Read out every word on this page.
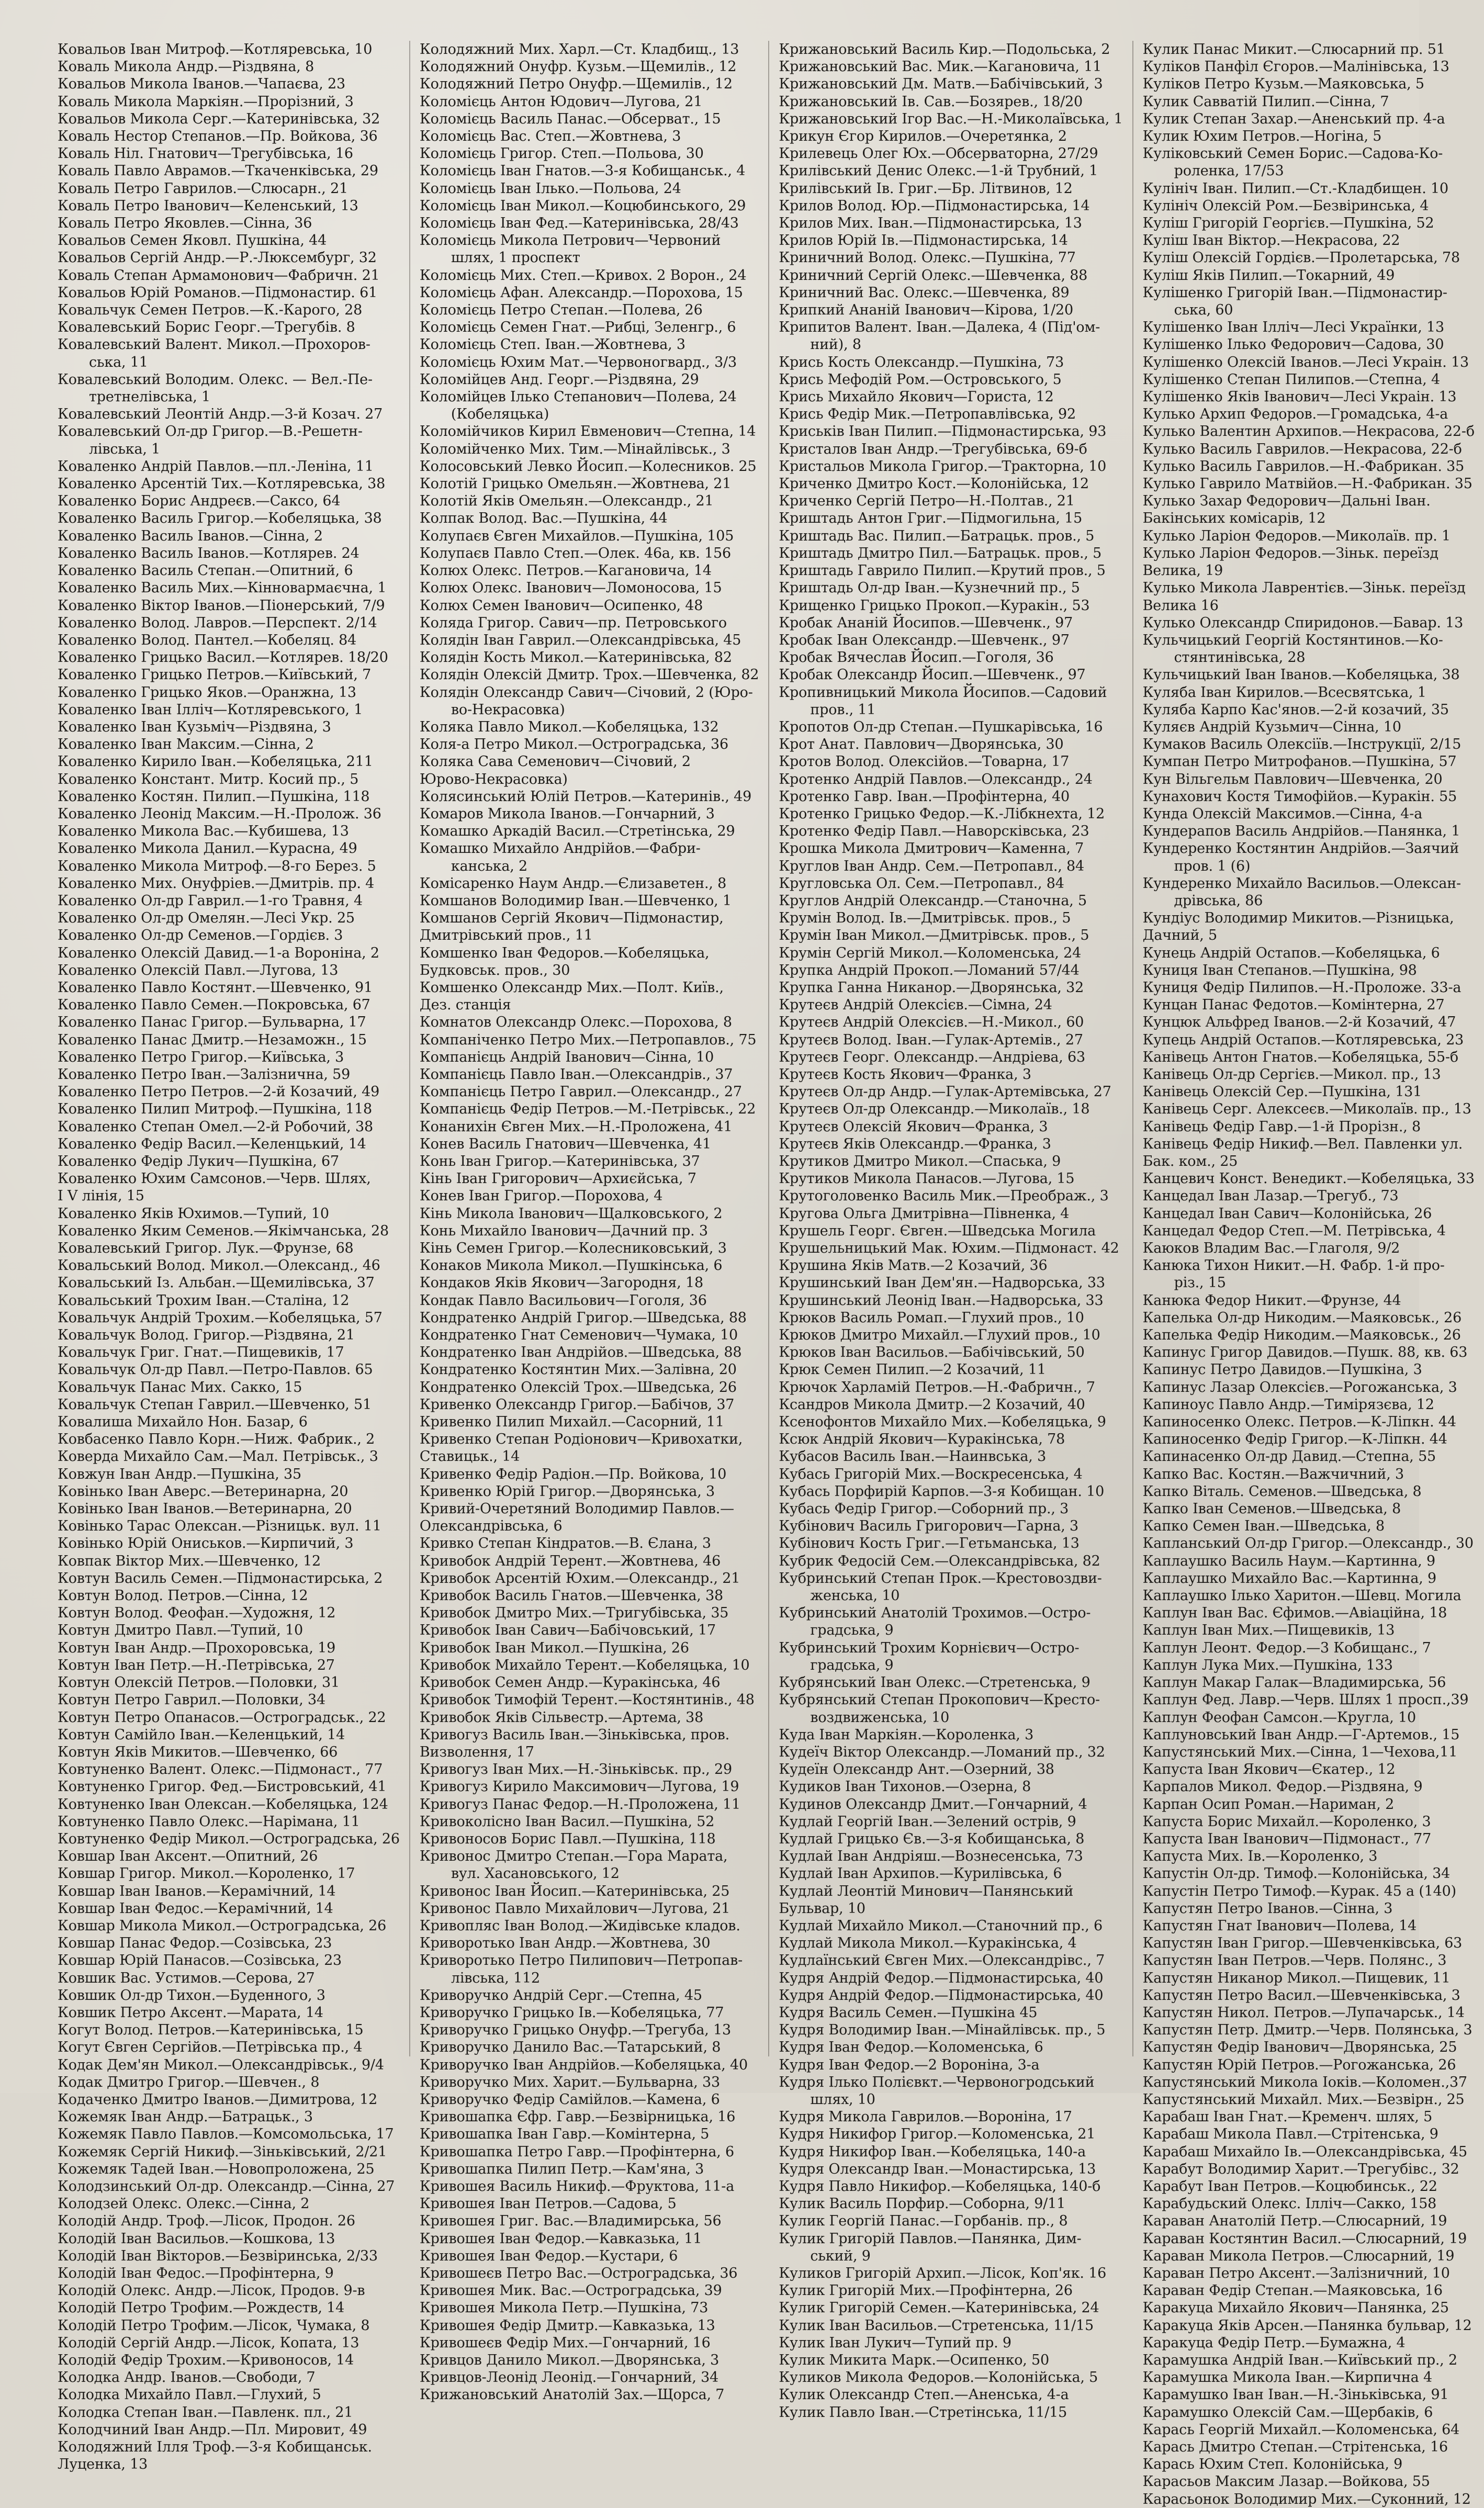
Ковальов Іван Митроф.—Котляревська, 10
Коваль Микола Андр.—Різдвяна, 8
Ковальов Микола Іванов.—Чапаєва, 23
Коваль Микола Маркіян.—Прорізний, 3
Ковальов Микола Серг.—Катеринівська, 32
Коваль Нестор Степанов.—Пр. Войкова, 36
Коваль Ніл. Гнатович—Трегубівська, 16
Коваль Павло Аврамов.—Ткаченківська, 29
Коваль Петро Гаврилов.—Слюсарн., 21
Коваль Петро Іванович—Келенський, 13
Коваль Петро Яковлев.—Сінна, 36
Ковальов Семен Яковл. Пушкіна, 44
Ковальов Сергій Андр.—Р.-Люксембург, 32
Коваль Степан Армамонович—Фабричн. 21
Ковальов Юрій Романов.—Підмонастир. 61
Ковальчук Семен Петров.—К.-Карого, 28
Ковалевський Борис Георг.—Трегубів. 8
Ковалевський Валент. Микол.—Прохоров-
ська, 11
Ковалевський Володим. Олекс. — Вел.-Пе-
третнелівська, 1
Ковалевський Леонтій Андр.—3-й Козач. 27
Ковалевський Ол-др Григор.—В.-Решетн-
лівська, 1
Коваленко Андрій Павлов.—пл.-Леніна, 11
Коваленко Арсентій Тих.—Котляревська, 38
Коваленко Борис Андреєв.—Саксо, 64
Коваленко Василь Григор.—Кобеляцька, 38
Коваленко Василь Іванов.—Сінна, 2
Коваленко Василь Іванов.—Котлярев. 24
Коваленко Василь Степан.—Опитний, 6
Коваленко Василь Мих.—Кінновармаєчна, 1
Коваленко Віктор Іванов.—Піонерський, 7/9
Коваленко Волод. Лавров.—Перспект. 2/14
Коваленко Волод. Пантел.—Кобеляц. 84
Коваленко Грицько Васил.—Котлярев. 18/20
Коваленко Грицько Петров.—Київський, 7
Коваленко Грицько Яков.—Оранжна, 13
Коваленко Іван Ілліч—Котляревського, 1
Коваленко Іван Кузьміч—Різдвяна, 3
Коваленко Іван Максим.—Сінна, 2
Коваленко Кирило Іван.—Кобеляцька, 211
Коваленко Констант. Митр. Косий пр., 5
Коваленко Костян. Пилип.—Пушкіна, 118
Коваленко Леонід Максим.—Н.-Пролож. 36
Коваленко Микола Вас.—Кубишева, 13
Коваленко Микола Данил.—Курасна, 49
Коваленко Микола Митроф.—8-го Берез. 5
Коваленко Мих. Онуфріев.—Дмитрів. пр. 4
Коваленко Ол-др Гаврил.—1-го Травня, 4
Коваленко Ол-др Омелян.—Лесі Укр. 25
Коваленко Ол-др Семенов.—Гордієв. 3
Коваленко Олексій Давид.—1-а Вороніна, 2
Коваленко Олексій Павл.—Лугова, 13
Коваленко Павло Костянт.—Шевченко, 91
Коваленко Павло Семен.—Покровська, 67
Коваленко Панас Григор.—Бульварна, 17
Коваленко Панас Дмитр.—Незаможн., 15
Коваленко Петро Григор.—Київська, 3
Коваленко Петро Іван.—Залізнична, 59
Коваленко Петро Петров.—2-й Козачий, 49
Коваленко Пилип Митроф.—Пушкіна, 118
Коваленко Степан Омел.—2-й Робочий, 38
Коваленко Федір Васил.—Келенцький, 14
Коваленко Федір Лукич—Пушкіна, 67
Коваленко Юхим Самсонов.—Черв. Шлях,
І V лінія, 15
Коваленко Яків Юхимов.—Тупий, 10
Коваленко Яким Семенов.—Якімчанська, 28
Ковалевський Григор. Лук.—Фрунзе, 68
Ковальський Волод. Микол.—Олександ., 46
Ковальський Із. Альбан.—Щемилівська, 37
Ковальський Трохим Іван.—Сталіна, 12
Ковальчук Андрій Трохим.—Кобеляцька, 57
Ковальчук Волод. Григор.—Різдвяна, 21
Ковальчук Григ. Гнат.—Пищевиків, 17
Ковальчук Ол-др Павл.—Петро-Павлов. 65
Ковальчук Панас Мих. Сакко, 15
Ковальчук Степан Гаврил.—Шевченко, 51
Ковалиша Михайло Нон. Базар, 6
Ковбасенко Павло Корн.—Ниж. Фабрик., 2
Коверда Михайло Сам.—Мал. Петрівськ., 3
Ковжун Іван Андр.—Пушкіна, 35
Ковінько Іван Аверс.—Ветеринарна, 20
Ковінько Іван Іванов.—Ветеринарна, 20
Ковінько Тарас Олексан.—Різницьк. вул. 11
Ковінько Юрій Ониськов.—Кирпичий, 3
Ковпак Віктор Мих.—Шевченко, 12
Ковтун Василь Семен.—Підмонастирська, 2
Ковтун Волод. Петров.—Сінна, 12
Ковтун Волод. Феофан.—Художня, 12
Ковтун Дмитро Павл.—Тупий, 10
Ковтун Іван Андр.—Прохоровська, 19
Ковтун Іван Петр.—Н.-Петрівська, 27
Ковтун Олексій Петров.—Половки, 31
Ковтун Петро Гаврил.—Половки, 34
Ковтун Петро Опанасов.—Остроградськ., 22
Ковтун Самійло Іван.—Келенцький, 14
Ковтун Яків Микитов.—Шевченко, 66
Ковтуненко Валент. Олекс.—Підмонаст., 77
Ковтуненко Григор. Фед.—Бистровський, 41
Ковтуненко Іван Олексан.—Кобеляцька, 124
Ковтуненко Павло Олекс.—Нарімана, 11
Ковтуненко Федір Микол.—Остроградська, 26
Ковшар Іван Аксент.—Опитний, 26
Ковшар Григор. Микол.—Короленко, 17
Ковшар Іван Іванов.—Керамічний, 14
Ковшар Іван Федос.—Керамічний, 14
Ковшар Микола Микол.—Остроградська, 26
Ковшар Панас Федор.—Созівська, 23
Ковшар Юрій Панасов.—Созівська, 23
Ковшик Вас. Устимов.—Серова, 27
Ковшик Ол-др Тихон.—Буденного, 3
Ковшик Петро Аксент.—Марата, 14
Когут Волод. Петров.—Катеринівська, 15
Когут Євген Сергійов.—Петрівська пр., 4
Кодак Дем'ян Микол.—Олександрівськ., 9/4
Кодак Дмитро Григор.—Шевчен., 8
Кодаченко Дмитро Іванов.—Димитрова, 12
Кожемяк Іван Андр.—Батрацьк., 3
Кожемяк Павло Павлов.—Комсомольська, 17
Кожемяк Сергій Никиф.—Зіньківський, 2/21
Кожемяк Тадей Іван.—Новопроложена, 25
Колодзинський Ол-др. Олександр.—Сінна, 27
Колодзей Олекс. Олекс.—Сінна, 2
Колодій Андр. Троф.—Лісок, Продон. 26
Колодій Іван Васильов.—Кошкова, 13
Колодій Іван Вікторов.—Безвіринська, 2/33
Колодій Іван Федос.—Профінтерна, 9
Колодій Олекс. Андр.—Лісок, Продов. 9-в
Колодій Петро Трофим.—Рождеств, 14
Колодій Петро Трофим.—Лісок, Чумака, 8
Колодій Сергій Андр.—Лісок, Копата, 13
Колодій Федір Трохим.—Кривоносов, 14
Колодка Андр. Іванов.—Свободи, 7
Колодка Михайло Павл.—Глухий, 5
Колодка Степан Іван.—Павленк. пл., 21
Колодчиний Іван Андр.—Пл. Мировит, 49
Колодяжний Ілля Троф.—3-я Кобищанськ.
Луценка, 13
Колодяжний Мих. Харл.—Ст. Кладбищ., 13
Колодяжний Онуфр. Кузьм.—Щемилів., 12
Колодяжний Петро Онуфр.—Щемилів., 12
Коломієць Антон Юдович—Лугова, 21
Коломієць Василь Панас.—Обсерват., 15
Коломієць Вас. Степ.—Жовтнева, 3
Коломієць Григор. Степ.—Польова, 30
Коломієць Іван Гнатов.—3-я Кобищанськ., 4
Коломієць Іван Ілько.—Польова, 24
Коломієць Іван Микол.—Коцюбинського, 29
Коломієць Іван Фед.—Катеринівська, 28/43
Коломієць Микола Петрович—Червоний
шлях, 1 проспект
Коломієць Мих. Степ.—Кривох. 2 Ворон., 24
Коломієць Афан. Александр.—Порохова, 15
Коломієць Петро Степан.—Полева, 26
Коломієць Семен Гнат.—Рибці, Зеленгр., 6
Коломієць Степ. Іван.—Жовтнева, 3
Коломієць Юхим Мат.—Червоногвард., 3/3
Коломійцев Анд. Георг.—Різдвяна, 29
Коломійцев Ілько Степанович—Полева, 24
(Кобеляцька)
Коломійчиков Кирил Евменович—Степна, 14
Коломійченко Мих. Тим.—Мінайлівськ., 3
Колосовський Левко Йосип.—Колесников. 25
Колотій Грицько Омельян.—Жовтнева, 21
Колотій Яків Омельян.—Олександр., 21
Колпак Волод. Вас.—Пушкіна, 44
Колупаєв Євген Михайлов.—Пушкіна, 105
Колупаєв Павло Степ.—Олек. 46а, кв. 156
Колюх Олекс. Петров.—Кагановича, 14
Колюх Олекс. Іванович—Ломоносова, 15
Колюх Семен Іванович—Осипенко, 48
Коляда Григор. Савич—пр. Петровського
Колядін Іван Гаврил.—Олександрівська, 45
Колядін Кость Микол.—Катеринівська, 82
Колядін Олексій Дмитр. Трох.—Шевченка, 82
Колядін Олександр Савич—Січовий, 2 (Юро-
во-Некрасовка)
Коляка Павло Микол.—Кобеляцька, 132
Коля-а Петро Микол.—Остроградська, 36
Коляка Сава Семенович—Січовий, 2
Юрово-Некрасовка)
Колясинський Юлій Петров.—Катеринів., 49
Комаров Микола Іванов.—Гончарний, 3
Комашко Аркадій Васил.—Стретінська, 29
Комашко Михайло Андрійов.—Фабри-
канська, 2
Комісаренко Наум Андр.—Єлизаветен., 8
Комшанов Володимир Іван.—Шевченко, 1
Комшанов Сергій Якович—Підмонастир,
Дмитрівський пров., 11
Комшенко Іван Федоров.—Кобеляцька,
Будковськ. пров., 30
Комшенко Олександр Мих.—Полт. Київ.,
Дез. станція
Комнатов Олександр Олекс.—Порохова, 8
Компаніченко Петро Мих.—Петропавлов., 75
Компанієць Андрій Іванович—Сінна, 10
Компанієць Павло Іван.—Олександрів., 37
Компанієць Петро Гаврил.—Олександр., 27
Компанієць Федір Петров.—М.-Петрівськ., 22
Конанихін Євген Мих.—Н.-Проложена, 41
Конев Василь Гнатович—Шевченка, 41
Конь Іван Григор.—Катеринівська, 37
Кінь Іван Григорович—Архиєйська, 7
Конев Іван Григор.—Порохова, 4
Кінь Микола Іванович—Щалковського, 2
Конь Михайло Іванович—Дачний пр. 3
Кінь Семен Григор.—Колесниковський, 3
Конаков Микола Микол.—Пушкінська, 6
Кондаков Яків Якович—Загородня, 18
Кондак Павло Васильович—Гоголя, 36
Кондратенко Андрій Григор.—Шведська, 88
Кондратенко Гнат Семенович—Чумака, 10
Кондратенко Іван Андрійов.—Шведська, 88
Кондратенко Костянтин Мих.—Залівна, 20
Кондратенко Олексій Трох.—Шведська, 26
Кривенко Олександр Григор.—Бабічов, 37
Кривенко Пилип Михайл.—Сасорний, 11
Кривенко Степан Родіонович—Кривохатки,
Ставицьк., 14
Кривенко Федір Радіон.—Пр. Войкова, 10
Кривенко Юрій Григор.—Дворянська, 3
Кривий-Очеретяний Володимир Павлов.—
Олександрівська, 6
Кривко Степан Кіндратов.—В. Єлана, 3
Кривобок Андрій Терент.—Жовтнева, 46
Кривобок Арсентій Юхим.—Олександр., 21
Кривобок Василь Гнатов.—Шевченка, 38
Кривобок Дмитро Мих.—Тригубівська, 35
Кривобок Іван Савич—Бабічовський, 17
Кривобок Іван Микол.—Пушкіна, 26
Кривобок Михайло Терент.—Кобеляцька, 10
Кривобок Семен Андр.—Куракінська, 46
Кривобок Тимофій Терент.—Костянтинів., 48
Кривобок Яків Сільвестр.—Артема, 38
Кривогуз Василь Іван.—Зіньківська, пров.
Визволення, 17
Кривогуз Іван Мих.—Н.-Зіньківськ. пр., 29
Кривогуз Кирило Максимович—Лугова, 19
Кривогуз Панас Федор.—Н.-Проложена, 11
Кривоколісно Іван Васил.—Пушкіна, 52
Кривоносов Борис Павл.—Пушкіна, 118
Кривонос Дмитро Степан.—Гора Марата,
вул. Хасановського, 12
Кривонос Іван Йосип.—Катеринівська, 25
Кривонос Павло Михайлович—Лугова, 21
Кривопляс Іван Волод.—Жидівське кладов.
Криворотько Іван Андр.—Жовтнева, 30
Криворотько Петро Пилипович—Петропав-
лівська, 112
Криворучко Андрій Серг.—Степна, 45
Криворучко Грицько Ів.—Кобеляцька, 77
Криворучко Грицько Онуфр.—Трегуба, 13
Криворучко Данило Вас.—Татарський, 8
Криворучко Іван Андрійов.—Кобеляцька, 40
Криворучко Мих. Харит.—Бульварна, 33
Криворучко Федір Самійлов.—Камена, 6
Кривошапка Єфр. Гавр.—Безвірницька, 16
Кривошапка Іван Гавр.—Комінтерна, 5
Кривошапка Петро Гавр.—Профінтерна, 6
Кривошапка Пилип Петр.—Кам'яна, 3
Кривошея Василь Никиф.—Фруктова, 11-а
Кривошея Іван Петров.—Садова, 5
Кривошея Григ. Вас.—Владимирська, 56
Кривошея Іван Федор.—Кавказька, 11
Кривошея Іван Федор.—Кустари, 6
Кривошеєв Петро Вас.—Остроградська, 36
Кривошея Мик. Вас.—Остроградська, 39
Кривошея Микола Петр.—Пушкіна, 73
Кривошея Федір Дмитр.—Кавказька, 13
Кривошеєв Федір Мих.—Гончарний, 16
Кривцов Данило Микол.—Дворянська, 3
Кривцов-Леонід Леонід.—Гончарний, 34
Крижановський Анатолій Зах.—Щорса, 7
Крижановський Василь Кир.—Подольська, 2
Крижановський Вас. Мик.—Кагановича, 11
Крижановський Дм. Матв.—Бабічівський, 3
Крижановський Ів. Сав.—Бозярев., 18/20
Крижановський Ігор Вас.—Н.-Миколаївська, 1
Крикун Єгор Кирилов.—Очеретянка, 2
Крилевець Олег Юх.—Обсерваторна, 27/29
Крилівський Денис Олекс.—1-й Трубний, 1
Крилівський Ів. Григ.—Бр. Літвинов, 12
Крилов Волод. Юр.—Підмонастирська, 14
Крилов Мих. Іван.—Підмонастирська, 13
Крилов Юрій Ів.—Підмонастирська, 14
Криничний Волод. Олекс.—Пушкіна, 77
Криничний Сергій Олекс.—Шевченка, 88
Криничний Вас. Олекс.—Шевченка, 89
Крипкий Ананій Іванович—Кірова, 1/20
Крипитов Валент. Іван.—Далека, 4 (Під'ом-
ний), 8
Крись Кость Олександр.—Пушкіна, 73
Крись Мефодій Ром.—Островського, 5
Крись Михайло Якович—Гориста, 12
Крись Федір Мик.—Петропавлівська, 92
Криськів Іван Пилип.—Підмонастирська, 93
Кристалов Іван Андр.—Трегубівська, 69-б
Кристальов Микола Григор.—Тракторна, 10
Криченко Дмитро Кост.—Колонійська, 12
Криченко Сергій Петро—Н.-Полтав., 21
Криштадь Антон Григ.—Підмогильна, 15
Криштадь Вас. Пилип.—Батрацьк. пров., 5
Криштадь Дмитро Пил.—Батрацьк. пров., 5
Криштадь Гаврило Пилип.—Крутий пров., 5
Криштадь Ол-др Іван.—Кузнечний пр., 5
Крищенко Грицько Прокоп.—Куракін., 53
Кробак Ананій Йосипов.—Шевченк., 97
Кробак Іван Олександр.—Шевченк., 97
Кробак Вячеслав Йосип.—Гоголя, 36
Кробак Олександр Йосип.—Шевченк., 97
Кропивницький Микола Йосипов.—Садовий
пров., 11
Кропотов Ол-др Степан.—Пушкарівська, 16
Крот Анат. Павлович—Дворянська, 30
Кротов Волод. Олексійов.—Товарна, 17
Кротенко Андрій Павлов.—Олександр., 24
Кротенко Гавр. Іван.—Профінтерна, 40
Кротенко Грицько Федор.—К.-Лібкнехта, 12
Кротенко Федір Павл.—Наворсківська, 23
Крошка Микола Дмитрович—Каменна, 7
Круглов Іван Андр. Сем.—Петропавл., 84
Кругловська Ол. Сем.—Петропавл., 84
Круглов Андрій Олександр.—Станочна, 5
Крумін Волод. Ів.—Дмитрівськ. пров., 5
Крумін Іван Микол.—Дмитрівськ. пров., 5
Крумін Сергій Микол.—Коломенська, 24
Крупка Андрій Прокоп.—Ломаний 57/44
Крупка Ганна Никанор.—Дворянська, 32
Крутеєв Андрій Олексієв.—Сімна, 24
Крутеєв Андрій Олексієв.—Н.-Микол., 60
Крутеєв Волод. Іван.—Гулак-Артемів., 27
Крутеєв Георг. Олександр.—Андріева, 63
Крутеєв Кость Якович—Франка, 3
Крутеєв Ол-др Андр.—Гулак-Артемівська, 27
Крутеєв Ол-др Олександр.—Миколаїв., 18
Крутеєв Олексій Якович—Франка, 3
Крутеєв Яків Олександр.—Франка, 3
Крутиков Дмитро Микол.—Спаська, 9
Крутиков Микола Панасов.—Лугова, 15
Крутоголовенко Василь Мик.—Преображ., 3
Кругова Ольга Дмитрівна—Півненка, 4
Крушель Георг. Євген.—Шведська Могила
Крушельницький Мак. Юхим.—Підмонаст. 42
Крушина Яків Матв.—2 Козачий, 36
Крушинський Іван Дем'ян.—Надворська, 33
Крушинський Леонід Іван.—Надворська, 33
Крюков Василь Ромап.—Глухий пров., 10
Крюков Дмитро Михайл.—Глухий пров., 10
Крюков Іван Васильов.—Бабічівський, 50
Крюк Семен Пилип.—2 Козачий, 11
Крючок Харламій Петров.—Н.-Фабричн., 7
Ксандров Микола Дмитр.—2 Козачий, 40
Ксенофонтов Михайло Мих.—Кобеляцька, 9
Ксюк Андрій Якович—Куракінська, 78
Кубасов Василь Іван.—Наинвська, 3
Кубась Григорій Мих.—Воскресенська, 4
Кубась Порфирій Карпов.—3-я Кобищан. 10
Кубась Федір Григор.—Соборний пр., 3
Кубінович Василь Григорович—Гарна, 3
Кубінович Кость Григ.—Гетьманська, 13
Кубрик Федосій Сем.—Олександрівська, 82
Кубринський Степан Прок.—Крестовоздви-
женська, 10
Кубринський Анатолій Трохимов.—Остро-
градська, 9
Кубринський Трохим Корнієвич—Остро-
градська, 9
Кубрянський Іван Олекс.—Стретенська, 9
Кубрянський Степан Прокопович—Кресто-
воздвиженська, 10
Куда Іван Маркіян.—Короленка, 3
Кудеїч Віктор Олександр.—Ломаний пр., 32
Кудеїн Олександр Ант.—Озерний, 38
Кудиков Іван Тихонов.—Озерна, 8
Кудинов Олександр Дмит.—Гончарний, 4
Кудлай Георгій Іван.—Зелений острів, 9
Кудлай Грицько Єв.—3-я Кобищанська, 8
Кудлай Іван Андріяш.—Вознесенська, 73
Кудлай Іван Архипов.—Курилівська, 6
Кудлай Леонтій Минович—Панянський
Бульвар, 10
Кудлай Михайло Микол.—Станочний пр., 6
Кудлай Микола Микол.—Куракінська, 4
Кудлаїнський Євген Мих.—Олександрівс., 7
Кудря Андрій Федор.—Підмонастирська, 40
Кудря Андрій Федор.—Підмонастирська, 40
Кудря Василь Семен.—Пушкіна 45
Кудря Володимир Іван.—Мінайлівськ. пр., 5
Кудря Іван Федор.—Коломенська, 6
Кудря Іван Федор.—2 Вороніна, 3-а
Кудря Ілько Полієвкт.—Червоногродський
шлях, 10
Кудря Микола Гаврилов.—Вороніна, 17
Кудря Никифор Григор.—Коломенська, 21
Кудря Никифор Іван.—Кобеляцька, 140-а
Кудря Олександр Іван.—Монастирська, 13
Кудря Павло Никифор.—Кобеляцька, 140-б
Кулик Василь Порфир.—Соборна, 9/11
Кулик Георгій Панас.—Горбанів. пр., 8
Кулик Григорій Павлов.—Панянка, Дим-
ський, 9
Куликов Григорій Архип.—Лісок, Коп'як. 16
Кулик Григорій Мих.—Профінтерна, 26
Кулик Григорій Семен.—Катеринівська, 24
Кулик Іван Васильов.—Стретенська, 11/15
Кулик Іван Лукич—Тупий пр. 9
Кулик Микита Марк.—Осипенко, 50
Куликов Микола Федоров.—Колонійська, 5
Кулик Олександр Степ.—Аненська, 4-а
Кулик Павло Іван.—Стретінська, 11/15
Кулик Панас Микит.—Слюсарний пр. 51
Куліков Панфіл Єгоров.—Малінівська, 13
Куліков Петро Кузьм.—Маяковська, 5
Кулик Савватій Пилип.—Сінна, 7
Кулик Степан Захар.—Аненський пр. 4-а
Кулик Юхим Петров.—Ногіна, 5
Куліковський Семен Борис.—Садова-Ко-
роленка, 17/53
Кулініч Іван. Пилип.—Ст.-Кладбищен. 10
Кулініч Олексій Ром.—Безвіринська, 4
Куліш Григорій Георгієв.—Пушкіна, 52
Куліш Іван Віктор.—Некрасова, 22
Куліш Олексій Гордієв.—Пролетарська, 78
Куліш Яків Пилип.—Токарний, 49
Кулішенко Григорій Іван.—Підмонастир-
ська, 60
Кулішенко Іван Ілліч—Лесі Українки, 13
Кулішенко Ілько Федорович—Садова, 30
Кулішенко Олексій Іванов.—Лесі Украін. 13
Кулішенко Степан Пилипов.—Степна, 4
Кулішенко Яків Іванович—Лесі Украін. 13
Кулько Архип Федоров.—Громадська, 4-а
Кулько Валентин Архипов.—Некрасова, 22-б
Кулько Василь Гаврилов.—Некрасова, 22-б
Кулько Василь Гаврилов.—Н.-Фабрикан. 35
Кулько Гаврило Матвійов.—Н.-Фабрикан. 35
Кулько Захар Федорович—Дальні Іван.
Бакінських комісарів, 12
Кулько Ларіон Федоров.—Миколаїв. пр. 1
Кулько Ларіон Федоров.—Зіньк. переїзд
Велика, 19
Кулько Микола Лаврентієв.—Зіньк. переїзд
Велика 16
Кулько Олександр Спиридонов.—Бавар. 13
Кульчицький Георгій Костянтинов.—Ко-
стянтинівська, 28
Кульчицький Іван Іванов.—Кобеляцька, 38
Куляба Іван Кирилов.—Всесвятська, 1
Куляба Карпо Кас'янов.—2-й козачий, 35
Куляєв Андрій Кузьмич—Сінна, 10
Кумаков Василь Олексіїв.—Інструкції, 2/15
Кумпан Петро Митрофанов.—Пушкіна, 57
Кун Вільгельм Павлович—Шевченка, 20
Кунахович Костя Тимофійов.—Куракін. 55
Кунда Олексій Максимов.—Сінна, 4-а
Кундерапов Василь Андрійов.—Панянка, 1
Кундеренко Костянтин Андрійов.—Заячий
пров. 1 (6)
Кундеренко Михайло Васильов.—Олексан-
дрівська, 86
Кундіус Володимир Микитов.—Різницька,
Дачний, 5
Кунець Андрій Остапов.—Кобеляцька, 6
Куниця Іван Степанов.—Пушкіна, 98
Куниця Федір Пилипов.—Н.-Проложе. 33-а
Кунцан Панас Федотов.—Комінтерна, 27
Кунцюк Альфред Іванов.—2-й Козачий, 47
Купець Андрій Остапов.—Котляревська, 23
Канівець Антон Гнатов.—Кобеляцька, 55-б
Канівець Ол-др Сергієв.—Микол. пр., 13
Канівець Олексій Сер.—Пушкіна, 131
Канівець Серг. Алексеєв.—Миколаїв. пр., 13
Канівець Федір Гавр.—1-й Прорізн., 8
Канівець Федір Никиф.—Вел. Павленки ул.
Бак. ком., 25
Канцевич Конст. Венедикт.—Кобеляцька, 33
Канцедал Іван Лазар.—Трегуб., 73
Канцедал Іван Савич—Колонійська, 26
Канцедал Федор Степ.—М. Петрівська, 4
Каюков Владим Вас.—Глаголя, 9/2
Канюка Тихон Никит.—Н. Фабр. 1-й про-
різ., 15
Канюка Федор Никит.—Фрунзе, 44
Капелька Ол-др Никодим.—Маяковськ., 26
Капелька Федір Никодим.—Маяковськ., 26
Капинус Григор Давидов.—Пушк. 88, кв. 63
Капинус Петро Давидов.—Пушкіна, 3
Капинус Лазар Олексієв.—Рогожанська, 3
Капиноус Павло Андр.—Тимірязєва, 12
Капиносенко Олекс. Петров.—К-Ліпкн. 44
Капиносенко Федір Григор.—К-Ліпкн. 44
Капинасенко Ол-др Давид.—Степна, 55
Капко Вас. Костян.—Важчичний, 3
Капко Віталь. Семенов.—Шведська, 8
Капко Іван Семенов.—Шведська, 8
Капко Семен Іван.—Шведська, 8
Капланський Ол-др Григор.—Олександр., 30
Каплаушко Василь Наум.—Картинна, 9
Каплаушко Михайло Вас.—Картинна, 9
Каплаушко Ілько Харитон.—Шевц. Могила
Каплун Іван Вас. Єфимов.—Авіаційна, 18
Каплун Іван Мих.—Пищевиків, 13
Каплун Леонт. Федор.—3 Кобищанс., 7
Каплун Лука Мих.—Пушкіна, 133
Каплун Макар Галак—Владимирська, 56
Каплун Фед. Лавр.—Черв. Шлях 1 просп.,39
Каплун Феофан Самсон.—Кругла, 10
Каплуновський Іван Андр.—Г-Артемов., 15
Капустянський Мих.—Сінна, 1—Чехова,11
Капуста Іван Якович—Єкатер., 12
Карпалов Микол. Федор.—Різдвяна, 9
Карпан Осип Роман.—Нариман, 2
Капуста Борис Михайл.—Короленко, 3
Капуста Іван Іванович—Підмонаст., 77
Капуста Мих. Ів.—Короленко, 3
Капустін Ол-др. Тимоф.—Колонійська, 34
Капустін Петро Тимоф.—Курак. 45 а (140)
Капустян Петро Іванов.—Сінна, 3
Капустян Гнат Іванович—Полева, 14
Капустян Іван Григор.—Шевченківська, 63
Капустян Іван Петров.—Черв. Полянс., 3
Капустян Никанор Микол.—Пищевик, 11
Капустян Петро Васил.—Шевченківська, 3
Капустян Никол. Петров.—Лупачарськ., 14
Капустян Петр. Дмитр.—Черв. Полянська, 3
Капустян Федір Іванович—Дворянська, 25
Капустян Юрій Петров.—Рогожанська, 26
Капустянський Микола Іоків.—Коломен.,37
Капустянський Михайл. Мих.—Безвірн., 25
Карабаш Іван Гнат.—Кременч. шлях, 5
Карабаш Микола Павл.—Стрітенська, 9
Карабаш Михайло Ів.—Олександрівська, 45
Карабут Володимир Харит.—Трегубівс., 32
Карабут Іван Петров.—Коцюбинськ., 22
Карабудьский Олекс. Ілліч—Сакко, 158
Караван Анатолій Петр.—Слюсарний, 19
Караван Костянтин Васил.—Слюсарний, 19
Караван Микола Петров.—Слюсарний, 19
Караван Петро Аксент.—Залізничний, 10
Караван Федір Степан.—Маяковська, 16
Каракуца Михайло Якович—Панянка, 25
Каракуца Яків Арсен.—Панянка бульвар, 12
Каракуца Федір Петр.—Бумажна, 4
Карамушка Андрій Іван.—Київський пр., 2
Карамушка Микола Іван.—Кирпична 4
Карамушко Іван Іван.—Н.-Зіньківська, 91
Карамушко Олексій Сам.—Щербаків, 6
Карась Георгій Михайл.—Коломенська, 64
Карась Дмитро Степан.—Стрітенська, 16
Карась Юхим Степ. Колонійська, 9
Карасьов Максим Лазар.—Войкова, 55
Карасьонок Володимир Мих.—Суконний, 12
